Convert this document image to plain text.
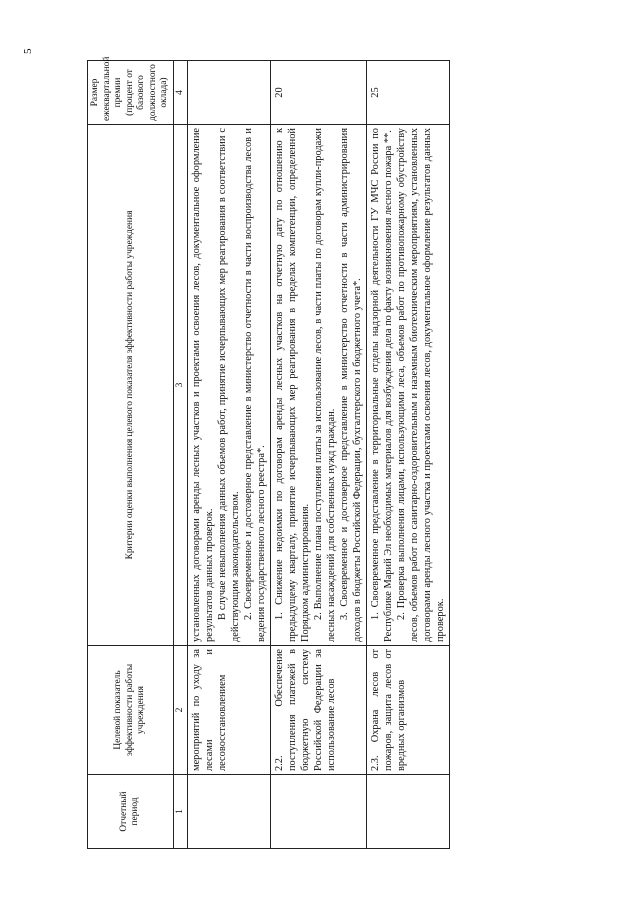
5
Отчетный период	Целевой показатель эффективности работы учреждения	Критерии оценки выполнения целевого показателя эффективности работы учреждения	Размер ежеквартальной премии (процент от базового должностного оклада)
1	2	3	4
	мероприятий по уходу за лесами и лесовосстановлением	установленных договорами аренды лесных участков и проектами освоения лесов, документальное оформление результатов данных проверок. В случае невыполнения данных объемов работ, принятие исчерпывающих мер реагирования в соответствии с действующим законодательством. 2. Своевременное и достоверное представление в министерство отчетности в части воспроизводства лесов и ведения государственного лесного реестра*.	

	2.2. Обеспечение поступления платежей в бюджетную систему Российской Федерации за использование лесов	1. Снижение недоимки по договорам аренды лесных участков на отчетную дату по отношению к предыдущему кварталу, принятие исчерпывающих мер реагирования в пределах компетенции, определенной Порядком администрирования. 2. Выполнение плана поступления платы за использование лесов, в части платы по договорам купли-продажи лесных насаждений для собственных нужд граждан. 3. Своевременное и достоверное представление в министерство отчетности в части администрирования доходов в бюджеты Российской Федерации, бухгалтерского и бюджетного учета*.	20
	2.3. Охрана лесов от пожаров, защита лесов от вредных организмов	1. Своевременное представление в территориальные отделы надзорной деятельности ГУ МЧС России по Республике Марий Эл необходимых материалов для возбуждения дела по факту возникновения лесного пожара **. 2. Проверка выполнения лицами, использующими леса, объемов работ по противопожарному обустройству лесов, объемов работ по санитарно-оздоровительным и наземным биотехническим мероприятиям, установленных договорами аренды лесного участка и проектами освоения лесов, документальное оформление результатов данных проверок.	25
